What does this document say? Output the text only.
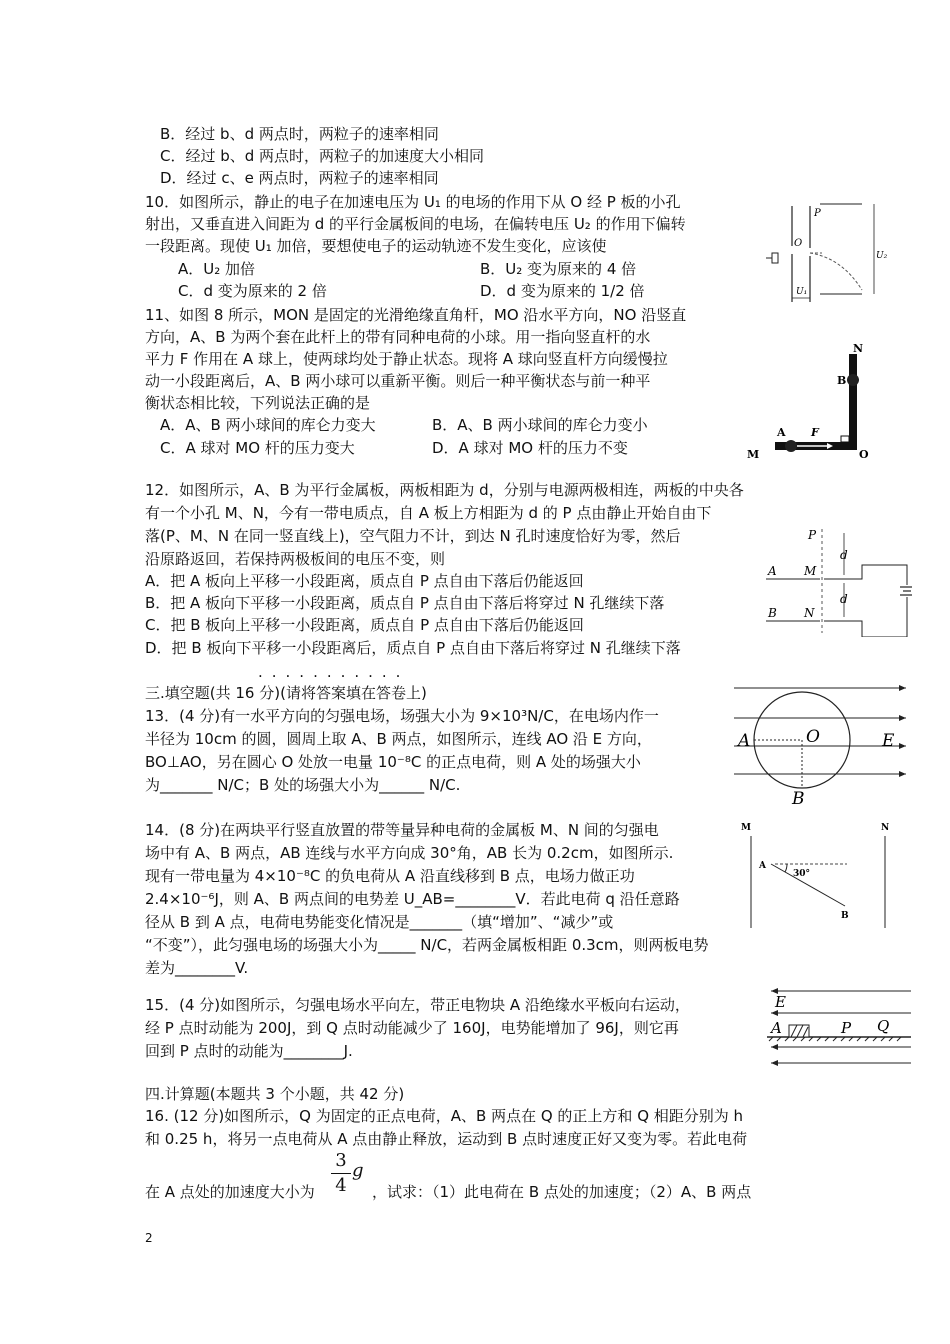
B．经过 b、d 两点时，两粒子的速率相同
C．经过 b、d 两点时，两粒子的加速度大小相同
D．经过 c、e 两点时，两粒子的速率相同
10．如图所示，静止的电子在加速电压为 U₁ 的电场的作用下从 O 经 P 板的小孔
射出，又垂直进入间距为 d 的平行金属板间的电场，在偏转电压 U₂ 的作用下偏转
一段距离。现使 U₁ 加倍，要想使电子的运动轨迹不发生变化，应该使
A．U₂ 加倍	B．U₂ 变为原来的 4 倍
C．d 变为原来的 2 倍	D．d 变为原来的 1/2 倍
P
O
U₁
U₂
11、如图 8 所示，MON 是固定的光滑绝缘直角杆，MO 沿水平方向，NO 沿竖直
方向，A、B 为两个套在此杆上的带有同种电荷的小球。用一指向竖直杆的水
平力 F 作用在 A 球上，使两球均处于静止状态。现将 A 球向竖直杆方向缓慢拉
动一小段距离后，A、B 两小球可以重新平衡。则后一种平衡状态与前一种平
衡状态相比较，下列说法正确的是
A．A、B 两小球间的库仑力变大	B．A、B 两小球间的库仑力变小
C．A 球对 MO 杆的压力变大	D．A 球对 MO 杆的压力不变
N
B
A F
M	O
12．如图所示，A、B 为平行金属板，两板相距为 d，分别与电源两极相连，两板的中央各
有一个小孔 M、N，今有一带电质点，自 A 板上方相距为 d 的 P 点由静止开始自由下
落(P、M、N 在同一竖直线上)，空气阻力不计，到达 N 孔时速度恰好为零，然后
沿原路返回，若保持两极板间的电压不变，则
A．把 A 板向上平移一小段距离，质点自 P 点自由下落后仍能返回
B．把 A 板向下平移一小段距离，质点自 P 点自由下落后将穿过 N 孔继续下落
C．把 B 板向上平移一小段距离，质点自 P 点自由下落后仍能返回
D．把 B 板向下平移一小段距离后，质点自 P 点自由下落后将穿过 N 孔继续下落
P
A M
B N
d
d
...........
三.填空题(共 16 分)(请将答案填在答卷上)
13．(4 分)有一水平方向的匀强电场，场强大小为 9×10³N/C，在电场内作一
半径为 10cm 的圆，圆周上取 A、B 两点，如图所示，连线 AO 沿 E 方向，
BO⊥AO，另在圆心 O 处放一电量 10⁻⁸C 的正点电荷，则 A 处的场强大小
为_______ N/C；B 处的场强大小为______ N/C.
A	O	E
B
14．(8 分)在两块平行竖直放置的带等量异种电荷的金属板 M、N 间的匀强电
场中有 A、B 两点，AB 连线与水平方向成 30°角，AB 长为 0.2cm，如图所示.
现有一带电量为 4×10⁻⁸C 的负电荷从 A 沿直线移到 B 点，电场力做正功
2.4×10⁻⁶J，则 A、B 两点间的电势差 U_AB=________V．若此电荷 q 沿任意路
径从 B 到 A 点，电荷电势能变化情况是_______（填“增加”、“减少”或
“不变”），此匀强电场的场强大小为_____ N/C，若两金属板相距 0.3cm，则两板电势
差为________V.
M	N
A
B
30°
15．(4 分)如图所示，匀强电场水平向左，带正电物块 A 沿绝缘水平板向右运动，
经 P 点时动能为 200J，到 Q 点时动能减少了 160J，电势能增加了 96J，则它再
回到 P 点时的动能为________J.
E
A	P Q
四.计算题(本题共 3 个小题，共 42 分)
16. (12 分)如图所示，Q 为固定的正点电荷，A、B 两点在 Q 的正上方和 Q 相距分别为 h
和 0.25 h，将另一点电荷从 A 点由静止释放，运动到 B 点时速度正好又变为零。若此电荷
在 A 点处的加速度大小为
3
4
g
，试求：（1）此电荷在 B 点处的加速度；（2）A、B 两点
2
